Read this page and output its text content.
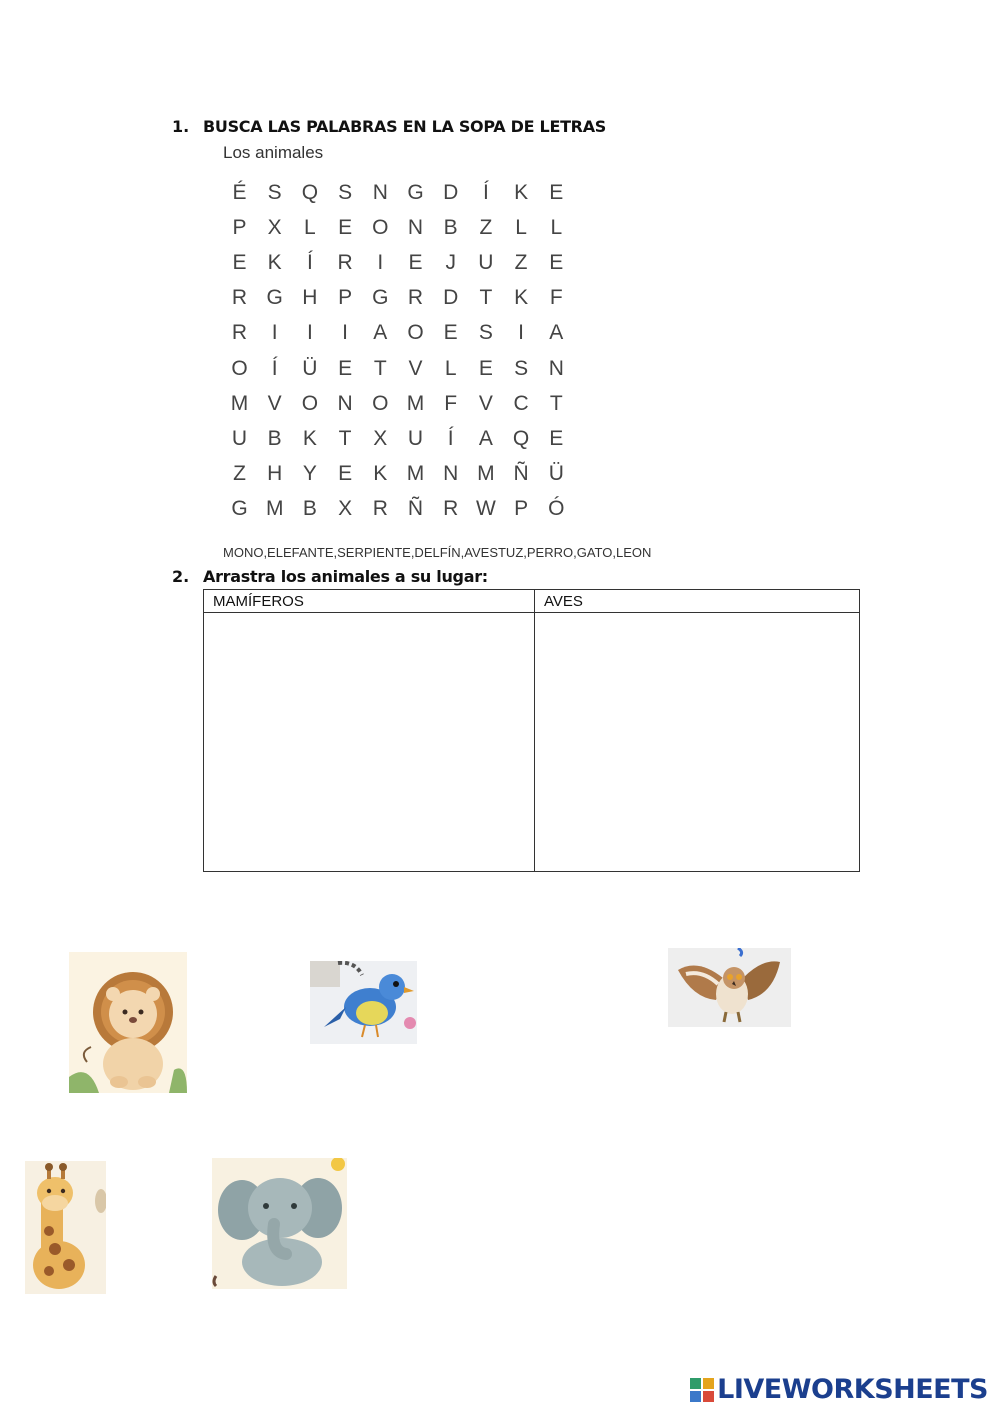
1. BUSCA LAS PALABRAS EN LA SOPA DE LETRAS
Los animales
É	S Q S N G D	Í	K	E
P	X	L	E O N B	Z	L	L
E	K	Í	R	I	E	J	U	Z	E
R G H P G R D	T	K	F
R	I	I	I	A O E	S	I	A
O	Í	Ü E	T	V	L	E	S N
M V O N O M F	V C	T
U B	K	T	X U	Í	A Q E
Z	H Y	E	K M N M Ñ Ü
G M B	X R Ñ R W P Ó
MONO,ELEFANTE,SERPIENTE,DELFÍN,AVESTUZ,PERRO,GATO,LEON
2. Arrastra los animales a su lugar:
MAMÍFEROS	AVES

LIVEWORKSHEETS
